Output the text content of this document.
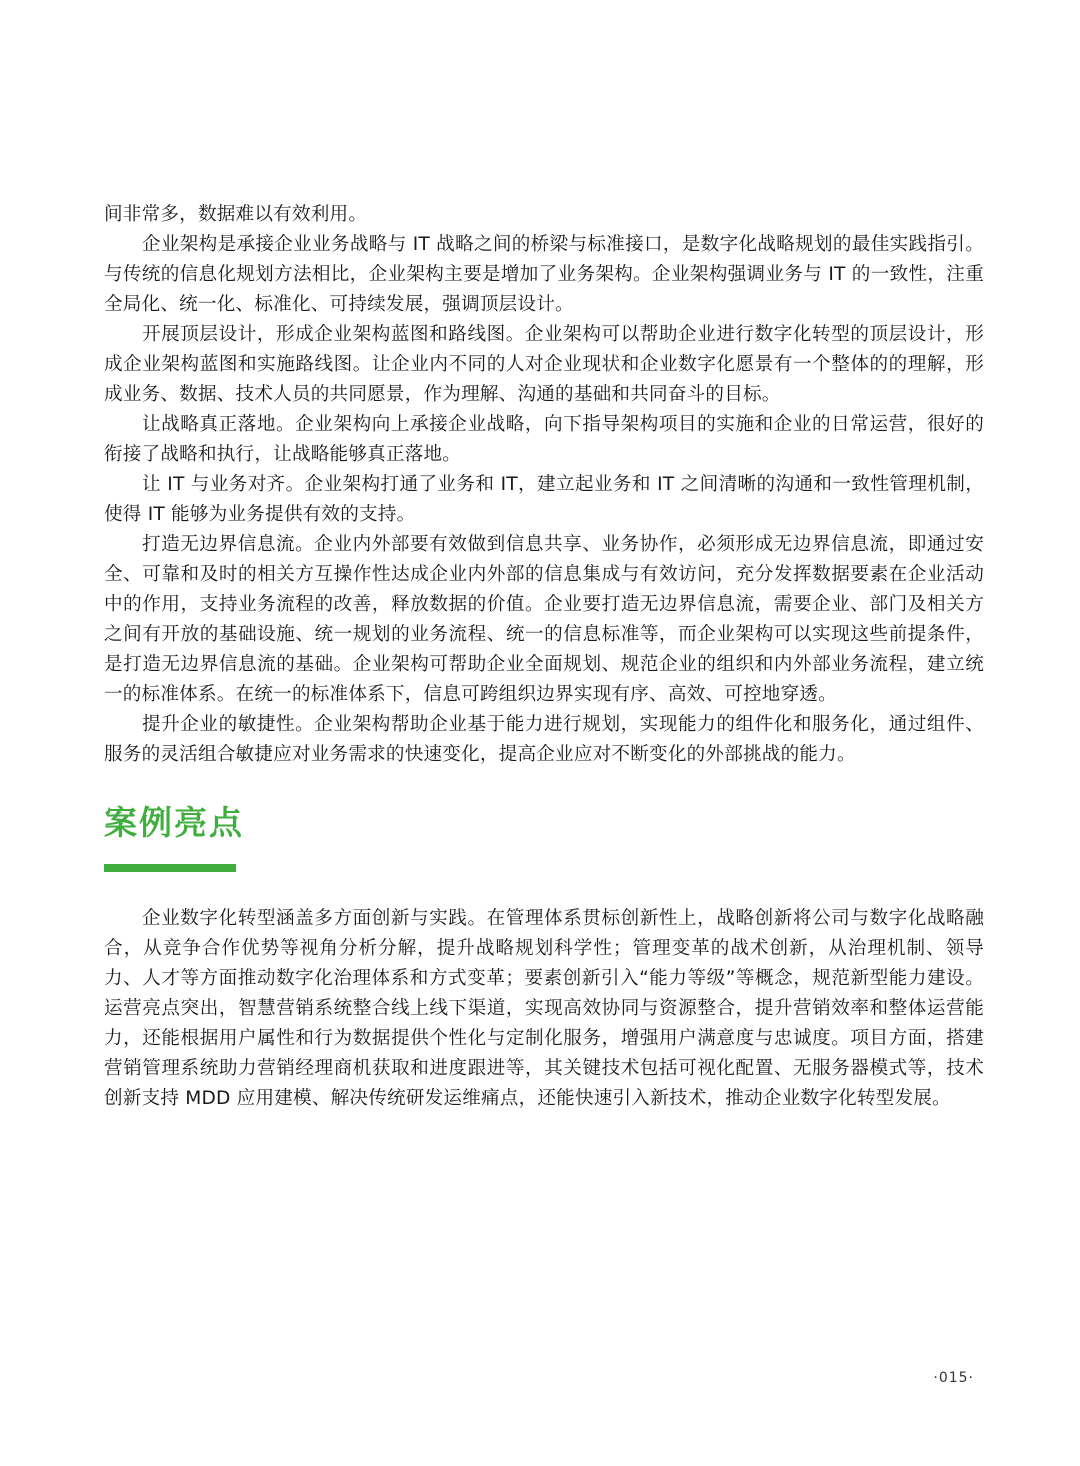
间非常多，数据难以有效利用。

企业架构是承接企业业务战略与 IT 战略之间的桥梁与标准接口，是数字化战略规划的最佳实践指引。与传统的信息化规划方法相比，企业架构主要是增加了业务架构。企业架构强调业务与 IT 的一致性，注重全局化、统一化、标准化、可持续发展，强调顶层设计。

开展顶层设计，形成企业架构蓝图和路线图。企业架构可以帮助企业进行数字化转型的顶层设计，形成企业架构蓝图和实施路线图。让企业内不同的人对企业现状和企业数字化愿景有一个整体的的理解，形成业务、数据、技术人员的共同愿景，作为理解、沟通的基础和共同奋斗的目标。

让战略真正落地。企业架构向上承接企业战略，向下指导架构项目的实施和企业的日常运营，很好的衔接了战略和执行，让战略能够真正落地。

让 IT 与业务对齐。企业架构打通了业务和 IT，建立起业务和 IT 之间清晰的沟通和一致性管理机制，使得 IT 能够为业务提供有效的支持。

打造无边界信息流。企业内外部要有效做到信息共享、业务协作，必须形成无边界信息流，即通过安全、可靠和及时的相关方互操作性达成企业内外部的信息集成与有效访问，充分发挥数据要素在企业活动中的作用，支持业务流程的改善，释放数据的价值。企业要打造无边界信息流，需要企业、部门及相关方之间有开放的基础设施、统一规划的业务流程、统一的信息标准等，而企业架构可以实现这些前提条件，是打造无边界信息流的基础。企业架构可帮助企业全面规划、规范企业的组织和内外部业务流程，建立统一的标准体系。在统一的标准体系下，信息可跨组织边界实现有序、高效、可控地穿透。

提升企业的敏捷性。企业架构帮助企业基于能力进行规划，实现能力的组件化和服务化，通过组件、服务的灵活组合敏捷应对业务需求的快速变化，提高企业应对不断变化的外部挑战的能力。

案例亮点

企业数字化转型涵盖多方面创新与实践。在管理体系贯标创新性上，战略创新将公司与数字化战略融合，从竞争合作优势等视角分析分解，提升战略规划科学性；管理变革的战术创新，从治理机制、领导力、人才等方面推动数字化治理体系和方式变革；要素创新引入“能力等级”等概念，规范新型能力建设。运营亮点突出，智慧营销系统整合线上线下渠道，实现高效协同与资源整合，提升营销效率和整体运营能力，还能根据用户属性和行为数据提供个性化与定制化服务，增强用户满意度与忠诚度。项目方面，搭建营销管理系统助力营销经理商机获取和进度跟进等，其关键技术包括可视化配置、无服务器模式等，技术创新支持 MDD 应用建模、解决传统研发运维痛点，还能快速引入新技术，推动企业数字化转型发展。

·015·
